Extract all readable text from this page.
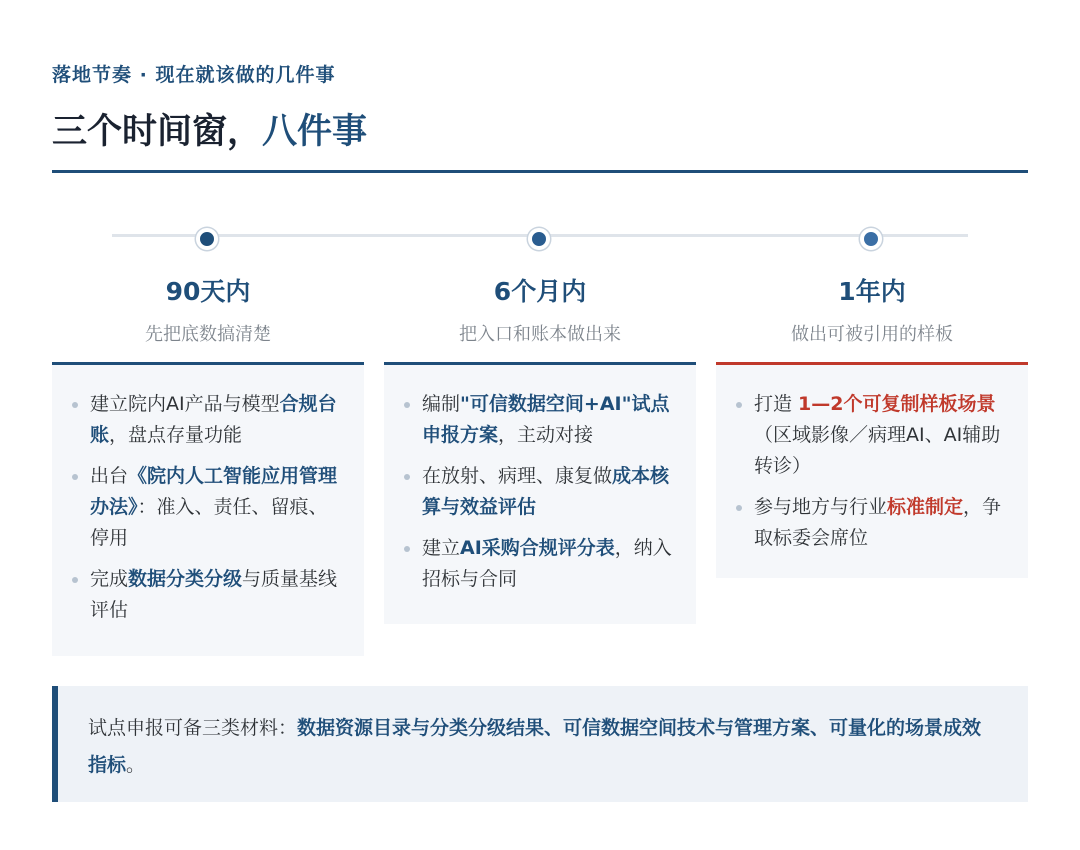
落地节奏 · 现在就该做的几件事
三个时间窗，八件事
90天内
先把底数搞清楚
建立院内AI产品与模型合规台账，盘点存量功能
出台《院内人工智能应用管理办法》：准入、责任、留痕、停用
完成数据分类分级与质量基线评估
6个月内
把入口和账本做出来
编制"可信数据空间+AI"试点申报方案，主动对接
在放射、病理、康复做成本核算与效益评估
建立AI采购合规评分表，纳入招标与合同
1年内
做出可被引用的样板
打造 1—2个可复制样板场景（区域影像／病理AI、AI辅助转诊）
参与地方与行业标准制定，争取标委会席位
试点申报可备三类材料：数据资源目录与分类分级结果、可信数据空间技术与管理方案、可量化的场景成效指标。
